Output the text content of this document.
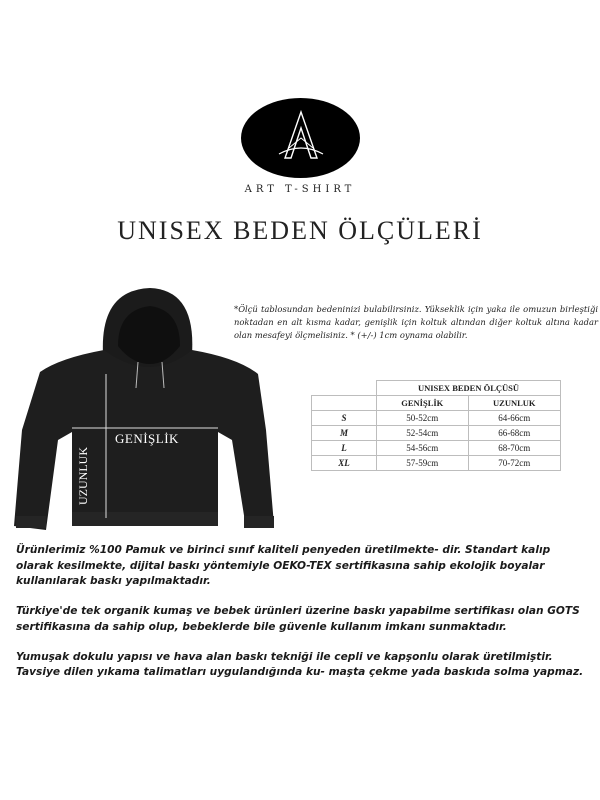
ART T-SHIRT
UNISEX BEDEN ÖLÇÜLERİ
GENİŞLİK
UZUNLUK
*Ölçü tablosundan bedeninizi bulabilirsiniz. Yükseklik için yaka ile omuzun birleştiği noktadan en alt kısma kadar, genişlik için koltuk altından diğer koltuk altına kadar olan mesafeyi ölçmelisiniz. * (+/-) 1cm oynama olabilir.
	UNISEX BEDEN ÖLÇÜSÜ	
	GENİŞLİK	UZUNLUK
S	50-52cm	64-66cm
M	52-54cm	66-68cm
L	54-56cm	68-70cm
XL	57-59cm	70-72cm

Ürünlerimiz %100 Pamuk ve birinci sınıf kaliteli penyeden üretilmekte- dir. Standart kalıp olarak kesilmekte, dijital baskı yöntemiyle OEKO-TEX sertifikasına sahip ekolojik boyalar kullanılarak baskı yapılmaktadır.

Türkiye'de tek organik kumaş ve bebek ürünleri üzerine baskı yapabilme sertifikası olan GOTS sertifikasına da sahip olup, bebeklerde bile güvenle kullanım imkanı sunmaktadır.

Yumuşak dokulu yapısı ve hava alan baskı tekniği ile cepli ve kapşonlu olarak üretilmiştir. Tavsiye dilen yıkama talimatları uygulandığında ku- maşta çekme yada baskıda solma yapmaz.
